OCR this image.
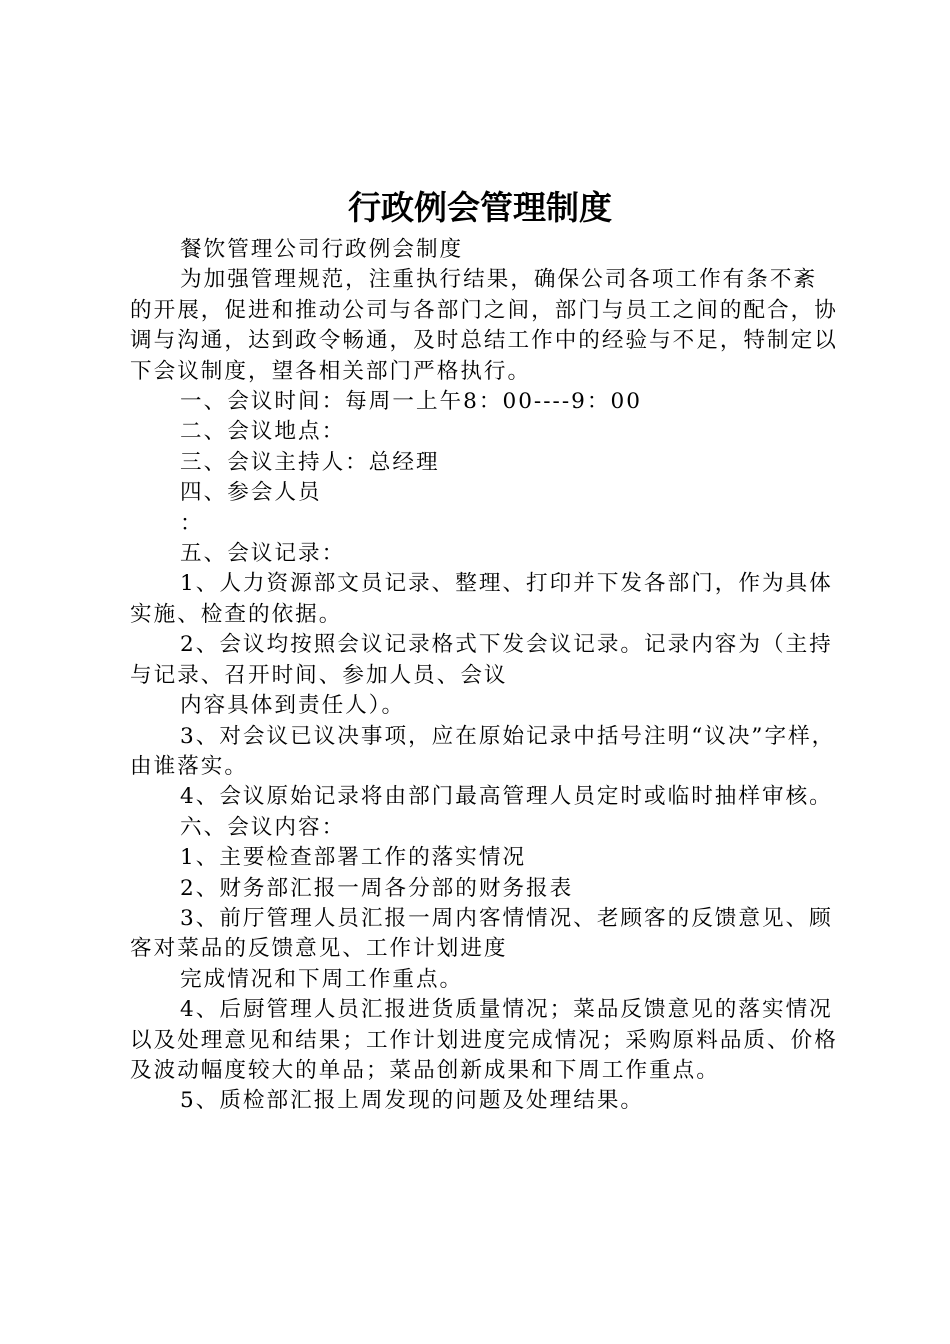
行政例会管理制度

餐饮管理公司行政例会制度

为加强管理规范，注重执行结果，确保公司各项工作有条不紊的开展，促进和推动公司与各部门之间，部门与员工之间的配合，协调与沟通，达到政令畅通，及时总结工作中的经验与不足，特制定以下会议制度，望各相关部门严格执行。

一、会议时间：每周一上午8：00----9：00

二、会议地点：

三、会议主持人：总经理

四、参会人员

：

五、会议记录：

1、人力资源部文员记录、整理、打印并下发各部门，作为具体实施、检查的依据。

2、会议均按照会议记录格式下发会议记录。记录内容为（主持与记录、召开时间、参加人员、会议

内容具体到责任人）。

3、对会议已议决事项，应在原始记录中括号注明“议决”字样，由谁落实。

4、会议原始记录将由部门最高管理人员定时或临时抽样审核。

六、会议内容：

1、主要检查部署工作的落实情况

2、财务部汇报一周各分部的财务报表

3、前厅管理人员汇报一周内客情情况、老顾客的反馈意见、顾客对菜品的反馈意见、工作计划进度

完成情况和下周工作重点。

4、后厨管理人员汇报进货质量情况；菜品反馈意见的落实情况以及处理意见和结果；工作计划进度完成情况；采购原料品质、价格及波动幅度较大的单品；菜品创新成果和下周工作重点。

5、质检部汇报上周发现的问题及处理结果。
